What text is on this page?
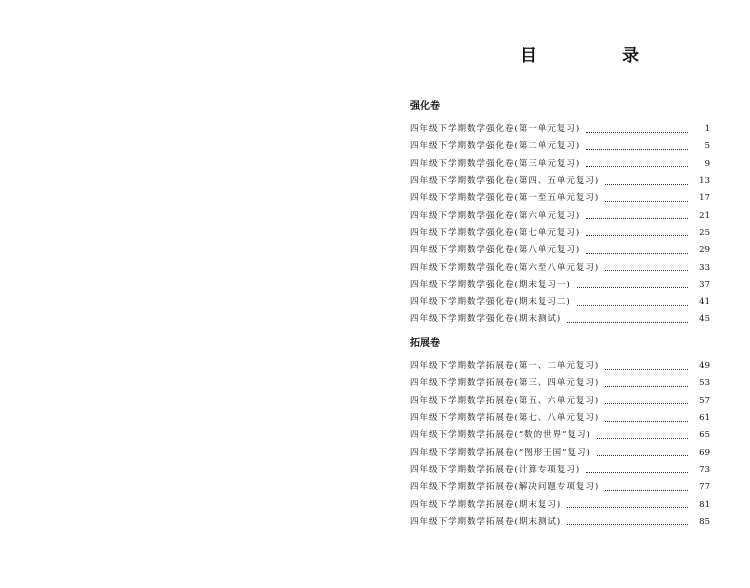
目　录
强化卷
四年级下学期数学强化卷(第一单元复习)	1
四年级下学期数学强化卷(第二单元复习)	5
四年级下学期数学强化卷(第三单元复习)	9
四年级下学期数学强化卷(第四、五单元复习)	13
四年级下学期数学强化卷(第一至五单元复习)	17
四年级下学期数学强化卷(第六单元复习)	21
四年级下学期数学强化卷(第七单元复习)	25
四年级下学期数学强化卷(第八单元复习)	29
四年级下学期数学强化卷(第六至八单元复习)	33
四年级下学期数学强化卷(期末复习一)	37
四年级下学期数学强化卷(期末复习二)	41
四年级下学期数学强化卷(期末测试)	45
拓展卷
四年级下学期数学拓展卷(第一、二单元复习)	49
四年级下学期数学拓展卷(第三、四单元复习)	53
四年级下学期数学拓展卷(第五、六单元复习)	57
四年级下学期数学拓展卷(第七、八单元复习)	61
四年级下学期数学拓展卷(“数的世界”复习)	65
四年级下学期数学拓展卷(“图形王国”复习)	69
四年级下学期数学拓展卷(计算专项复习)	73
四年级下学期数学拓展卷(解决问题专项复习)	77
四年级下学期数学拓展卷(期末复习)	81
四年级下学期数学拓展卷(期末测试)	85
